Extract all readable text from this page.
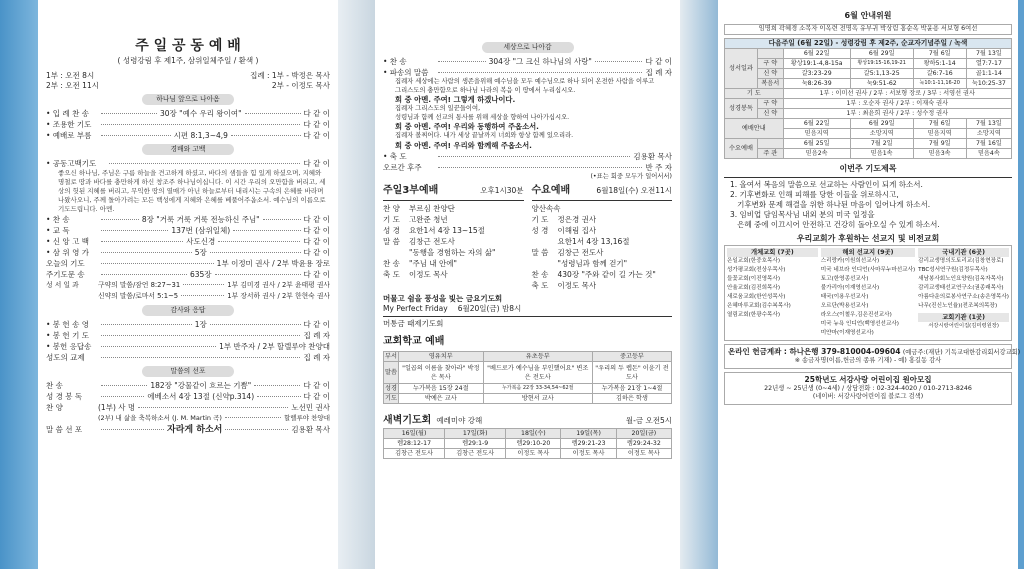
주 일 공 동 예 배
( 성령강림 후 제1주, 삼위일체주일 / 환색 )
1부 : 오전 8시
2부 : 오전 11시
집례 : 1부 - 박정은 목사
2부 - 이정도 목사
하나님 앞으로 나아옴
• 입 례 찬 송	30장 "예수 우리 왕이여"	다 같 이
• 조용한 기도	다 같 이
• 예배로 부름	시편 8:1,3~4,9	다 같 이
경배와 고백
• 공동고백기도	다 같 이
좋으신 하나님, 주님은 구름 하늘을 견고하게 하셨고, 바다의 샘들을 힘 있게 하셨으며, 지혜와 명철로 땅과 바다를 충만하게 하신 창조주 하나님이십니다. 이 시간 우리의 오만함을 버리고, 세상의 헛된 지혜를 버리고, 무익한 땅의 열매가 아닌 하늘로부터 내리시는 구속의 은혜를 바라며 나왔사오니, 주께 돌아가려는 모든 백성에게 지혜와 은혜를 베풀어주옵소서. 예수님의 이름으로 기도드립니다. 아멘.
• 찬 송	8장 "거룩 거룩 거룩 전능하신 주님"	다 같 이
• 교 독	137번 (삼위일체)	다 같 이
• 신 앙 고 백	사도신경	다 같 이
• 삼 위 영 가	5장	다 같 이
오늘의 기도	1부 이정미 권사 / 2부 박윤용 장로
주기도문 송	635장	다 같 이
성 서 일 과	구약의 말씀/잠언 8:27~31	1부 김미경 권사 / 2부 윤태평 권사
신약의 말씀/로마서 5:1~5	1부 장서하 권사 / 2부 한현숙 권사
감사와 응답
• 봉 헌 송 영	1장	다 같 이
• 봉 헌 기 도	집 례 자
• 봉헌 응답송	1부 반주자 / 2부 할렐루야 찬양대
성도의 교제	집 례 자
말씀의 선포
찬 송	182장 "강물같이 흐르는 기쁨"	다 같 이
성 경 봉 독	에베소서 4장 13절 (신약p.314)	다 같 이
찬 양	(1부) 사 명	노선민 권사
(2부) 내 삶을 축복하소서 (J. M. Martin 곡)	할렐루야 찬양대
말 씀 선 포	자라게 하소서	김용환 목사
세상으로 나아감
• 찬 송	304장 "그 크신 하나님의 사랑"	다 같 이
• 파송의 말씀	집 례 자
집례자 세상에는 사람의 생존을위해 예수님을 모두 예수님으로 하나 되어 온전한 사람을 이루고
그리스도의 충만함으로 하나님 나라의 복음 이 땅에서 누리십시오.
회 중 아멘. 주여! 그렇게 하겠나이다.
집례자 그리스도의 일꾼들이여,
성령님과 함께 선교의 통사를 위해 세상을 향하여 나아가십시오.
회 중 아멘. 주여! 우리와 동행하여 주옵소서.
집례자 볼찌어다. 내가 세상 끝날까지 너희와 항상 함께 있으리라.
회 중 아멘. 주여! 우리와 함께해 주옵소서.
• 축 도	김용환 목사
오르간 후주	반 주 자
(•표는 회중 모두가 일어서서)
주일3부예배	오후1시30분
찬 양	부르심 찬양단
기 도	고완준 청년
성 경	요한1서 4장 13~15절
말 씀	김창근 전도사
"동행을 경험하는 자의 삶"
찬 송	"주님 내 안에"
축 도	이정도 목사
수요예배	6월18일(수) 오전11시
양산속속
기 도	정은경 권사
성 경	이해림 집사
요한1서 4장 13,16절
말 씀	김창근 전도사
"성령님과 함께 걷기"
찬 송	430장 "주와 같이 길 가는 것"
축 도	이정도 목사
머물고 쉼을 풍성을 빛는 금요기도회
My Perfect Friday 6월20일(금) 밤8시
머통금 때제기도회
교회학교 예배
부서	영유치부	유초등부	중고등부
말씀	"일곱의 이름을 찾아라" 박정은 목사	"베드로가 예수님을 부인했어요" 변조은 전도사	"우리의 두 렙돈" 이윤기 전도사
성경	누가복음 15장 24절	누가복음 22장 33-34,54~62절	누가복음 21장 1~4절
기도	박예은 교사	방현서 교사	김하은 학생
새벽기도회 예레미야 강해	월-금 오전5시
16일(월)	17일(화)	18일(수)	19일(목)	20일(금)
렘28:12-17	렘29:1-9	렘29:10-20	렘29:21-23	렘29:24-32
김창근 전도사	김창근 전도사	이정도 목사	이정도 목사	이정도 목사
6월 안내위원
임명희 곽혜경 소복자 이옥련 전명옥 유부귀 박상림 홍순옥 박윤용 서보형 6여선
다음주일 (6월 22일) - 성령강림 후 제2주, 순교자기념주일 / 녹색					
성서일과		6월 22일	6월 29일	7월 6일	7월 13일
	구 약	황상19:1-4,8-15a	황상19:15-16,19-21	왕하5:1-14	열7:7-17
	신 약	갈3:23-29	갈5:1,13-25	갈6:7-16	골1:1-14
	복음서	눅8:26-39	눅9:51-62	눅10:1-11,16-20	눅10:25-37
기 도		1부 : 이미선 권사 / 2부 : 서보형 장로 / 3부 : 서영선 권사			
성경봉독	구 약	1부 : 오순자 권사 / 2부 : 이재숙 권사			
	신 약	1부 : 최윤희 권사 / 2부 : 성수정 권사			
예배안내		6월 22일	6월 29일	7월 6일	7월 13일
		믿음지역	소망지역	믿음지역	소망지역
수요예배		6월 25일	7월 2일	7월 9일	7월 16일
	주 관	믿음2속	믿음1속	믿음3속	믿음4속
이번주 기도제목
1. 올여서 복음의 말씀으로 선교하는 사람인이 되게 하소서.
2. 기후변화로 인해 피해를 당한 이들을 위로하시고,
기후변화 문제 해결을 위한 하나된 마음이 일어나게 하소서.
3. 임비업 담임목사님 내외 분의 미국 일정을
은혜 중에 이끄시어 안전하고 건강히 돌아오실 수 있게 하소서.
우리교회가 후원하는 선교지 및 비전교회
개체교회 (7곳)
은일교회(한중호목사)
성가평교회(전상우목사)
들꽃교회(이진영목사)
안율교회(김진희목사)
새로움교회(한인성목사)
은혜마루교회(김수복목사)
열림교회(한광수목사)
해외 선교지 (9곳)
스리랑카(이원희선교사)
미국 네브라 인디언(사마무누마선교사)
토고(한영종선교사)
불가리아(이재영선교사)
태국(이용우선교사)
오르단(박용선교사)
라오스(이철우,김은진선교사)
미국 뉴욕 인디언(백영선선교사)
미얀마(이재영선교사)
국내기관 (6곳)
감리교생명의도토리교(김창현장로)
TBC성서연구원(김정두목사)
새남봉사회노인요양원(김옥자목사)
감리교생태선교연구소(권종래목사)
아름다운의료봉사연구소(송은영목사)
나무(진신노인율)(전조복의목장)
교회기관 (1곳)
서강시랑어린이집(김미령원장)
온라인 헌금계좌 : 하나은행 379-810004-09604 (예금주:(재단) 기독교대한감리회서강교회)
※ 송금자명(이름,헌금의 종류 기재) - 예) 홍길동 감사
25학년도 서강사랑 어린이집 원아모집
22년생 ~ 25년생 (0~4세) / 상담전화 : 02-324-4020 / 010-2713-8246
(네이버: 서강사랑어린이집 블로그 검색)
